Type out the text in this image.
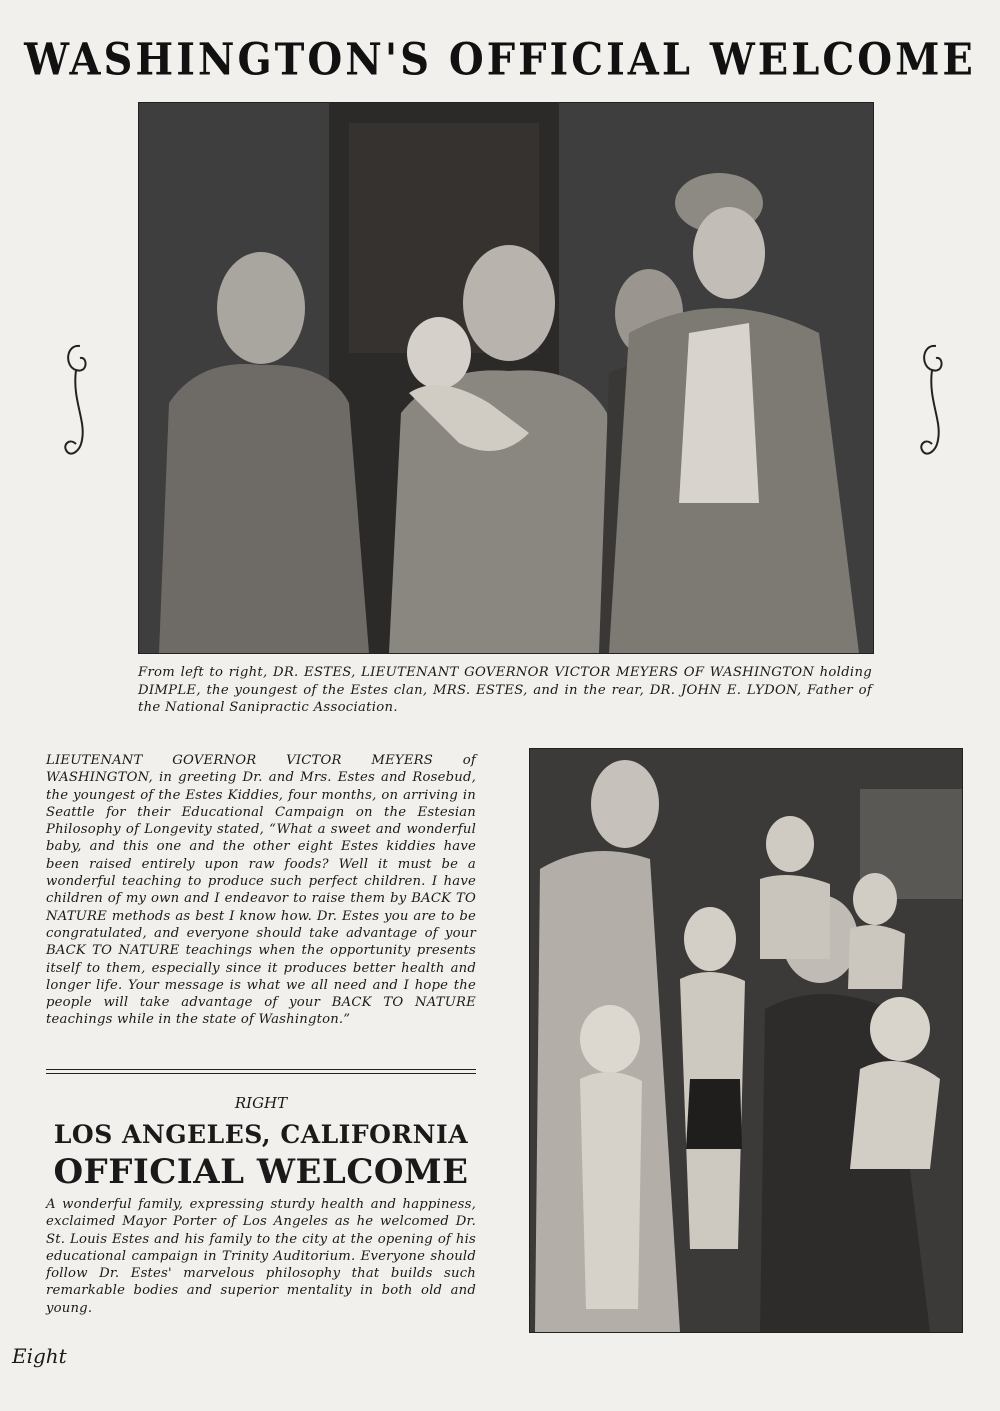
WASHINGTON'S OFFICIAL WELCOME

From left to right, DR. ESTES, LIEUTENANT GOVERNOR VICTOR MEYERS OF WASHINGTON holding DIMPLE, the youngest of the Estes clan, MRS. ESTES, and in the rear, DR. JOHN E. LYDON, Father of the National Sanipractic Association.

LIEUTENANT GOVERNOR VICTOR MEYERS of WASHINGTON, in greeting Dr. and Mrs. Estes and Rosebud, the youngest of the Estes Kiddies, four months, on arriving in Seattle for their Educational Campaign on the Estesian Philosophy of Longevity stated, “What a sweet and wonderful baby, and this one and the other eight Estes kiddies have been raised entirely upon raw foods? Well it must be a wonderful teaching to produce such perfect children. I have children of my own and I endeavor to raise them by BACK TO NATURE methods as best I know how. Dr. Estes you are to be congratulated, and everyone should take advantage of your BACK TO NATURE teachings when the opportunity presents itself to them, especially since it produces better health and longer life. Your message is what we all need and I hope the people will take advantage of your BACK TO NATURE teachings while in the state of Washington.”

RIGHT

LOS ANGELES, CALIFORNIA
OFFICIAL WELCOME

A wonderful family, expressing sturdy health and happiness, exclaimed Mayor Porter of Los Angeles as he welcomed Dr. St. Louis Estes and his family to the city at the opening of his educational campaign in Trinity Auditorium. Everyone should follow Dr. Estes' marvelous philosophy that builds such remarkable bodies and superior mentality in both old and young.

Eight
